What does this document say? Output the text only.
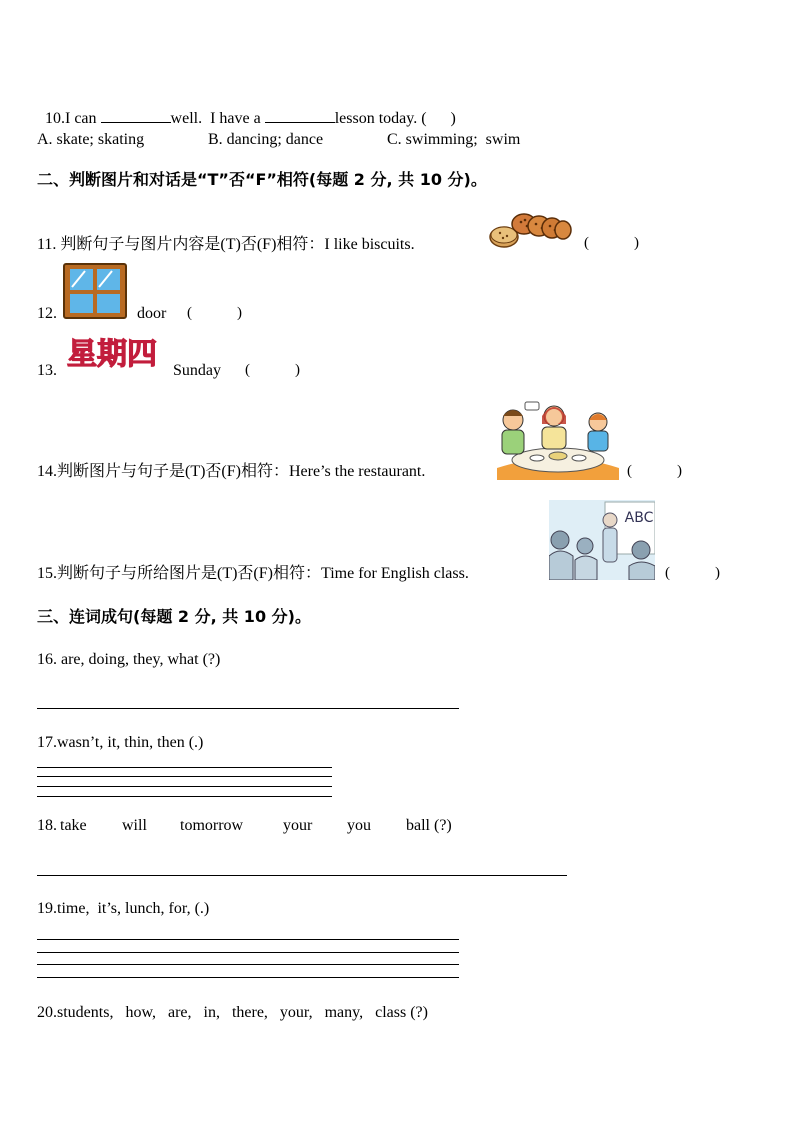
10.I can	well.  I have a	lesson today. (      )

A. skate; skating	B. dancing; dance	C. swimming;  swim
二、判断图片和对话是“T”否“F”相符(每题 2 分, 共 10 分)。
11. 判断句子与图片内容是(T)否(F)相符：I like biscuits.	(            )
12.	door (            )
13. 星期四 Sunday (            )
14.判断图片与句子是(T)否(F)相符：Here’s the restaurant.	(            )
15.判断句子与所给图片是(T)否(F)相符：Time for English class.
ABC
(            )
三、连词成句(每题 2 分, 共 10 分)。
16. are, doing, they, what (?)
17.wasn’t, it, thin, then (.)
18. take will tomorrow your you ball (?)
19.time,  it’s, lunch, for, (.)
20.students,   how,   are,   in,   there,   your,   many,   class (?)
